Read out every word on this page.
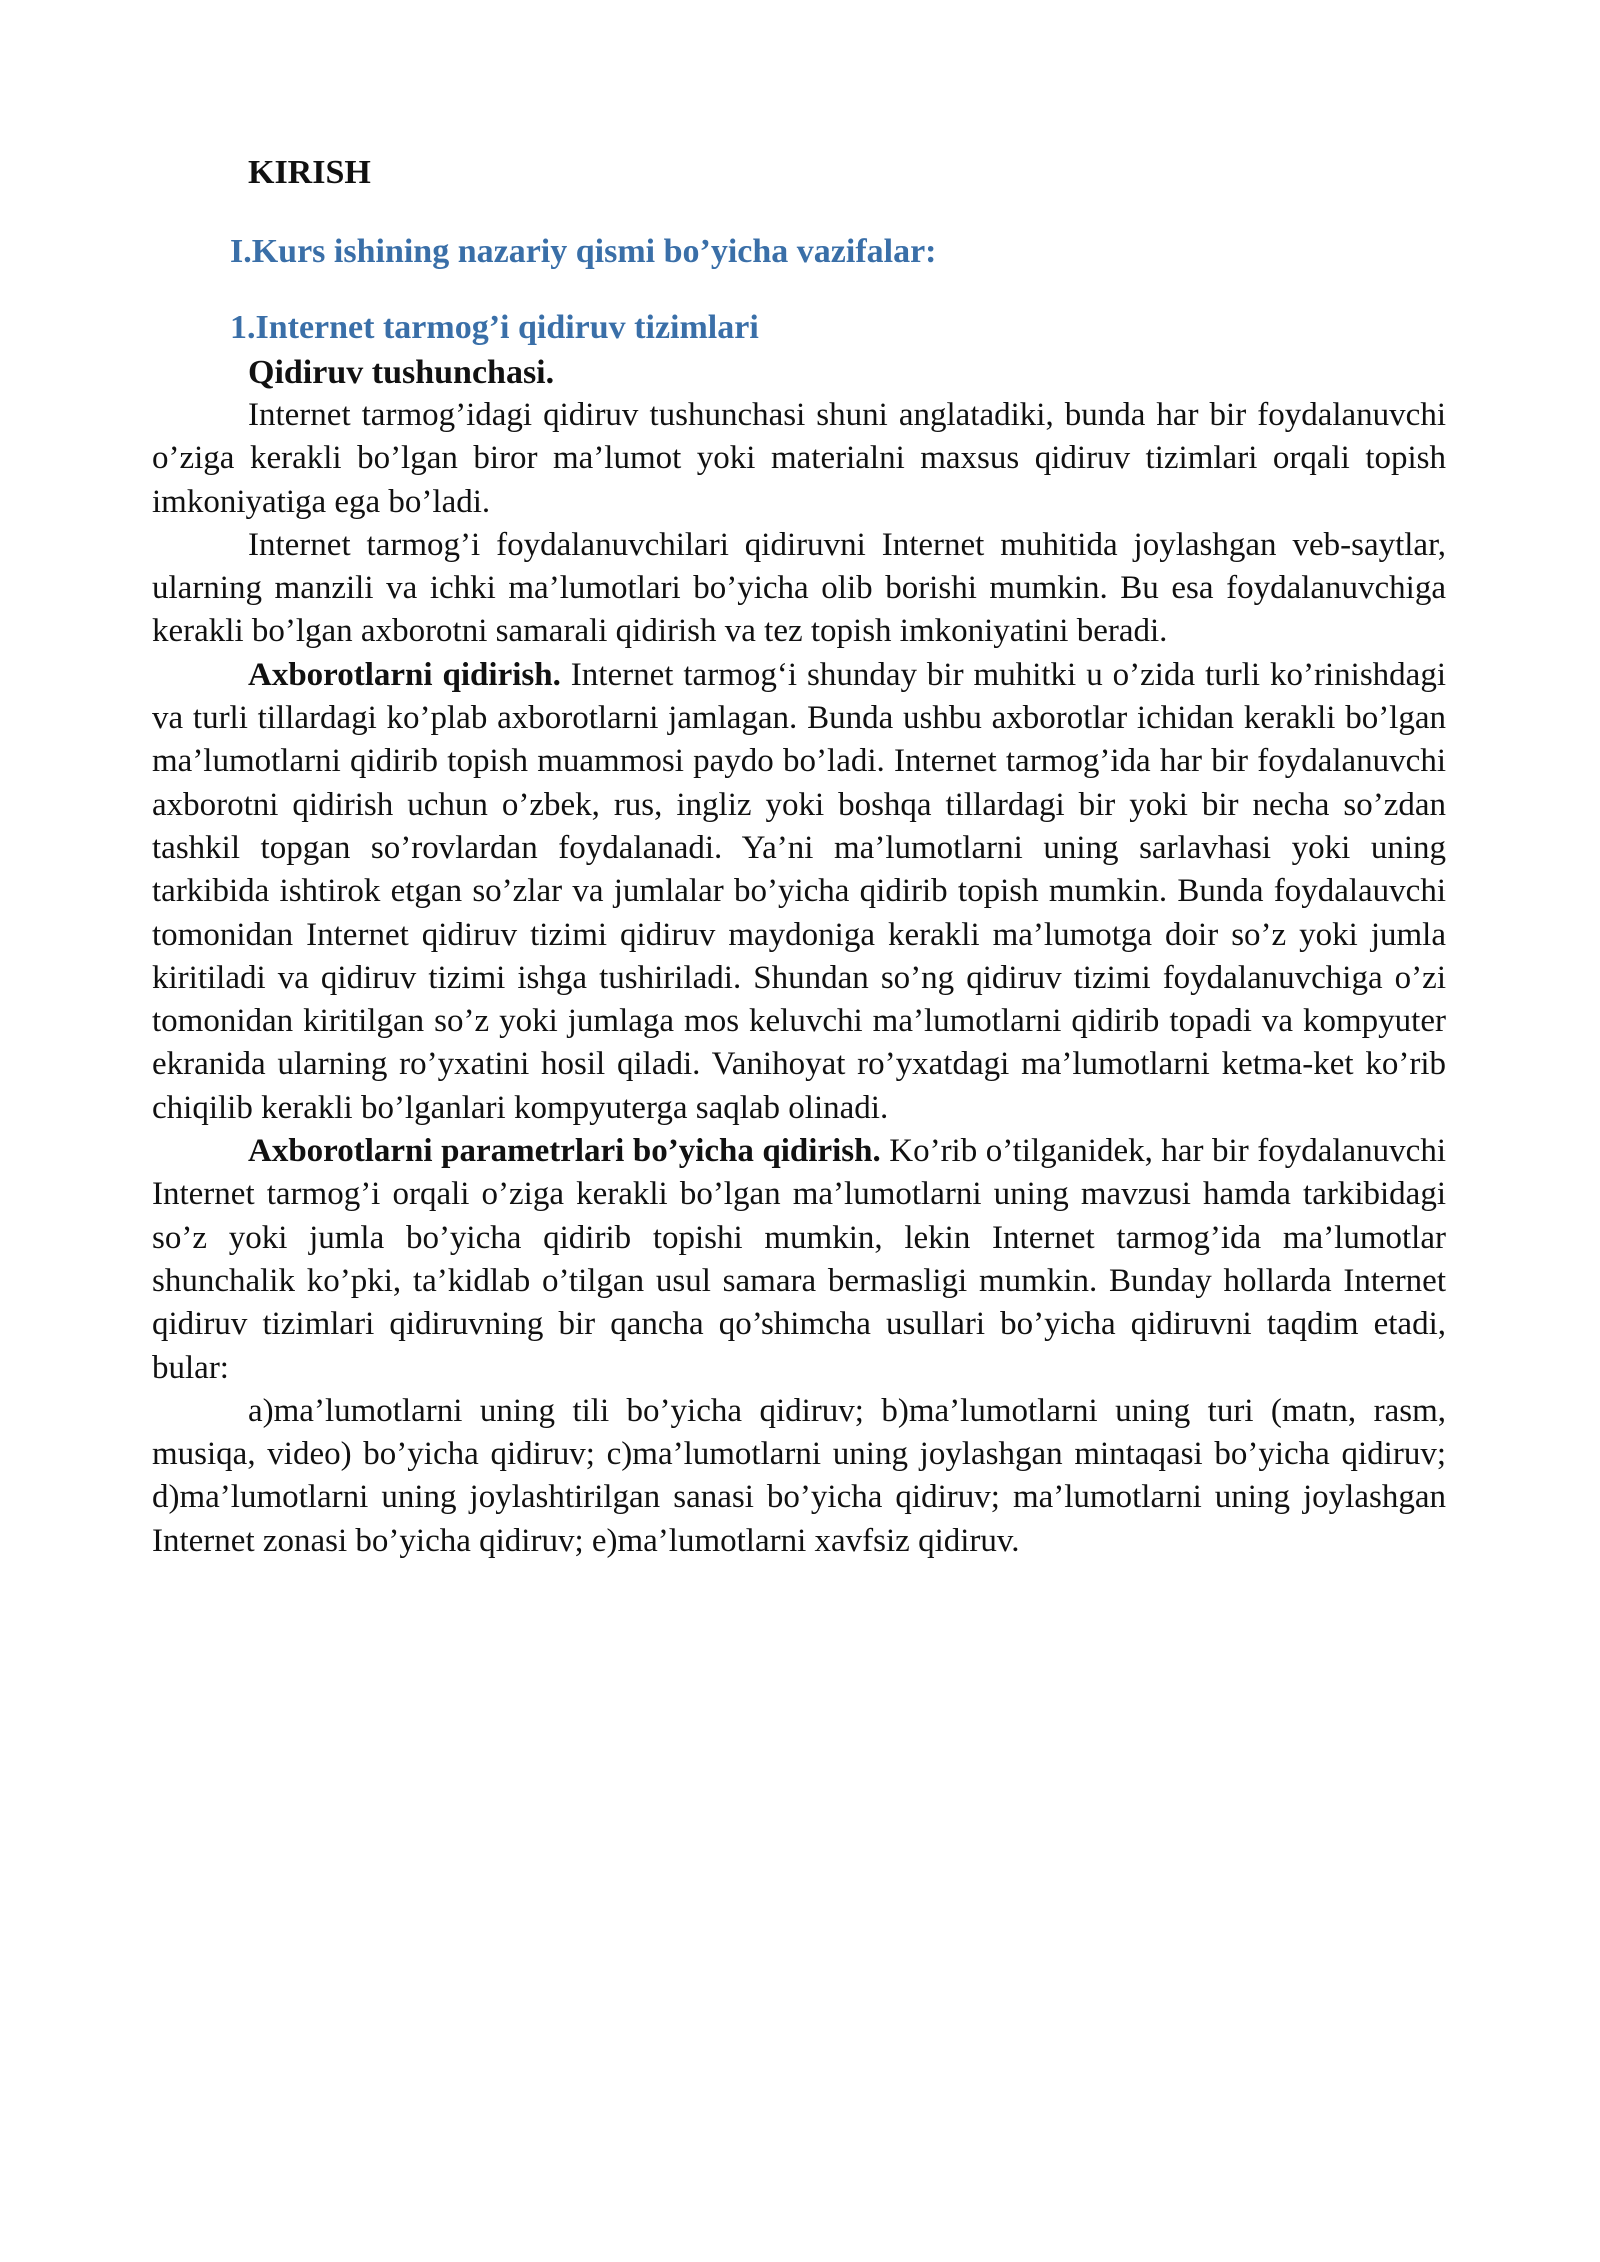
KIRISH
I.Kurs ishining nazariy qismi bo’yicha vazifalar:
1.Internet tarmog’i qidiruv tizimlari
Qidiruv tushunchasi.

Internet tarmog’idagi qidiruv tushunchasi shuni anglatadiki, bunda har bir foydalanuvchi o’ziga kerakli bo’lgan biror ma’lumot yoki materialni maxsus qidiruv tizimlari orqali topish imkoniyatiga ega bo’ladi.

Internet tarmog’i foydalanuvchilari qidiruvni Internet muhitida joylashgan veb-saytlar, ularning manzili va ichki ma’lumotlari bo’yicha olib borishi mumkin. Bu esa foydalanuvchiga kerakli bo’lgan axborotni samarali qidirish va tez topish imkoniyatini beradi.

Axborotlarni qidirish. Internet tarmog‘i shunday bir muhitki u o’zida turli ko’rinishdagi va turli tillardagi ko’plab axborotlarni jamlagan. Bunda ushbu axborotlar ichidan kerakli bo’lgan ma’lumotlarni qidirib topish muammosi paydo bo’ladi. Internet tarmog’ida har bir foydalanuvchi axborotni qidirish uchun o’zbek, rus, ingliz yoki boshqa tillardagi bir yoki bir necha so’zdan tashkil topgan so’rovlardan foydalanadi. Ya’ni ma’lumotlarni uning sarlavhasi yoki uning tarkibida ishtirok etgan so’zlar va jumlalar bo’yicha qidirib topish mumkin. Bunda foydalauvchi tomonidan Internet qidiruv tizimi qidiruv maydoniga kerakli ma’lumotga doir so’z yoki jumla kiritiladi va qidiruv tizimi ishga tushiriladi. Shundan so’ng qidiruv tizimi foydalanuvchiga o’zi tomonidan kiritilgan so’z yoki jumlaga mos keluvchi ma’lumotlarni qidirib topadi va kompyuter ekranida ularning ro’yxatini hosil qiladi. Vanihoyat ro’yxatdagi ma’lumotlarni ketma-ket ko’rib chiqilib kerakli bo’lganlari kompyuterga saqlab olinadi.

Axborotlarni parametrlari bo’yicha qidirish. Ko’rib o’tilganidek, har bir foydalanuvchi Internet tarmog’i orqali o’ziga kerakli bo’lgan ma’lumotlarni uning mavzusi hamda tarkibidagi so’z yoki jumla bo’yicha qidirib topishi mumkin, lekin Internet tarmog’ida ma’lumotlar shunchalik ko’pki, ta’kidlab o’tilgan usul samara bermasligi mumkin. Bunday hollarda Internet qidiruv tizimlari qidiruvning bir qancha qo’shimcha usullari bo’yicha qidiruvni taqdim etadi, bular:

a)ma’lumotlarni uning tili bo’yicha qidiruv; b)ma’lumotlarni uning turi (matn, rasm, musiqa, video) bo’yicha qidiruv; c)ma’lumotlarni uning joylashgan mintaqasi bo’yicha qidiruv; d)ma’lumotlarni uning joylashtirilgan sanasi bo’yicha qidiruv; ma’lumotlarni uning joylashgan Internet zonasi bo’yicha qidiruv; e)ma’lumotlarni xavfsiz qidiruv.
